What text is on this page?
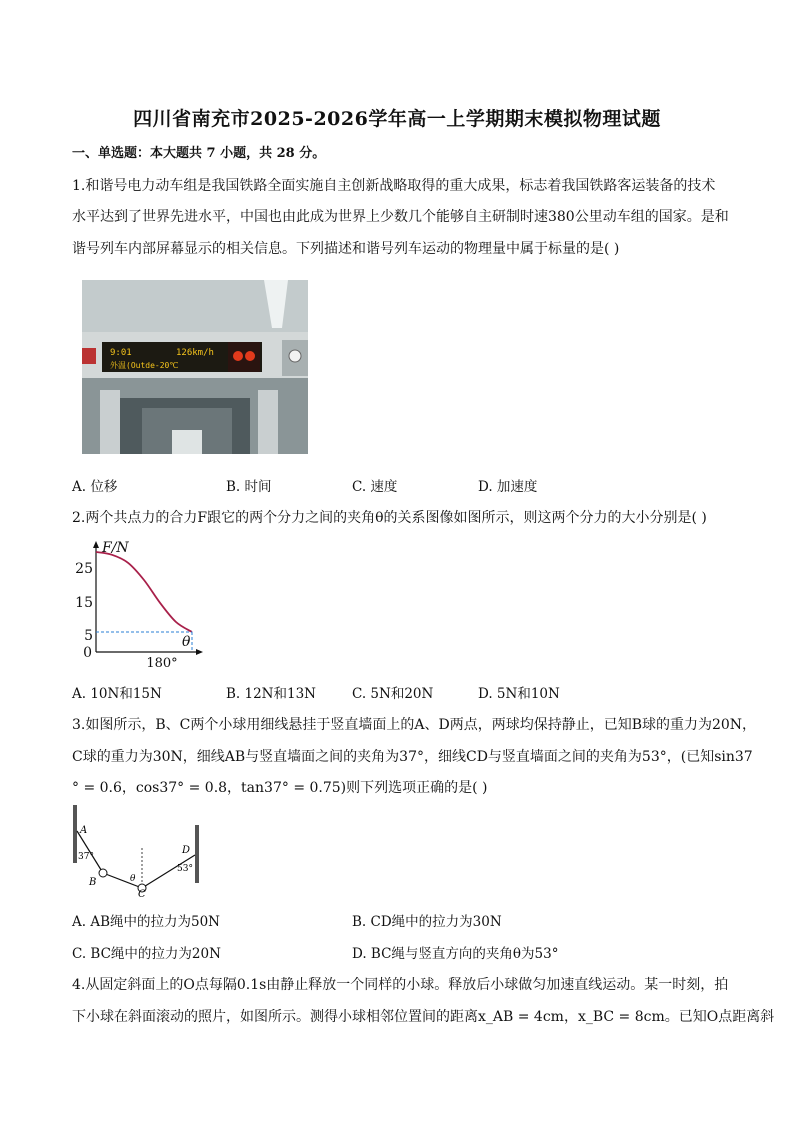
四川省南充市2025-2026学年高一上学期期末模拟物理试题
一、单选题：本大题共 7 小题，共 28 分。
1.和谐号电力动车组是我国铁路全面实施自主创新战略取得的重大成果，标志着我国铁路客运装备的技术
水平达到了世界先进水平，中国也由此成为世界上少数几个能够自主研制时速380公里动车组的国家。是和
谐号列车内部屏幕显示的相关信息。下列描述和谐号列车运动的物理量中属于标量的是( )
9:01	126km/h
外温(Outde-20℃
A. 位移	B. 时间	C. 速度	D. 加速度
2.两个共点力的合力F跟它的两个分力之间的夹角θ的关系图像如图所示，则这两个分力的大小分别是( )
F/N
θ
25
15
5
0
180°
A. 10N和15N	B. 12N和13N	C. 5N和20N	D. 5N和10N
3.如图所示，B、C两个小球用细线悬挂于竖直墙面上的A、D两点，两球均保持静止，已知B球的重力为20N，
C球的重力为30N，细线AB与竖直墙面之间的夹角为37°，细线CD与竖直墙面之间的夹角为53°，(已知sin37
° = 0.6，cos37° = 0.8，tan37° = 0.75)则下列选项正确的是( )
A
37°
B	θ
C
D
53°
A. AB绳中的拉力为50N	B. CD绳中的拉力为30N
C. BC绳中的拉力为20N	D. BC绳与竖直方向的夹角θ为53°
4.从固定斜面上的O点每隔0.1s由静止释放一个同样的小球。释放后小球做匀加速直线运动。某一时刻，拍
下小球在斜面滚动的照片，如图所示。测得小球相邻位置间的距离x_AB = 4cm，x_BC = 8cm。已知O点距离斜
